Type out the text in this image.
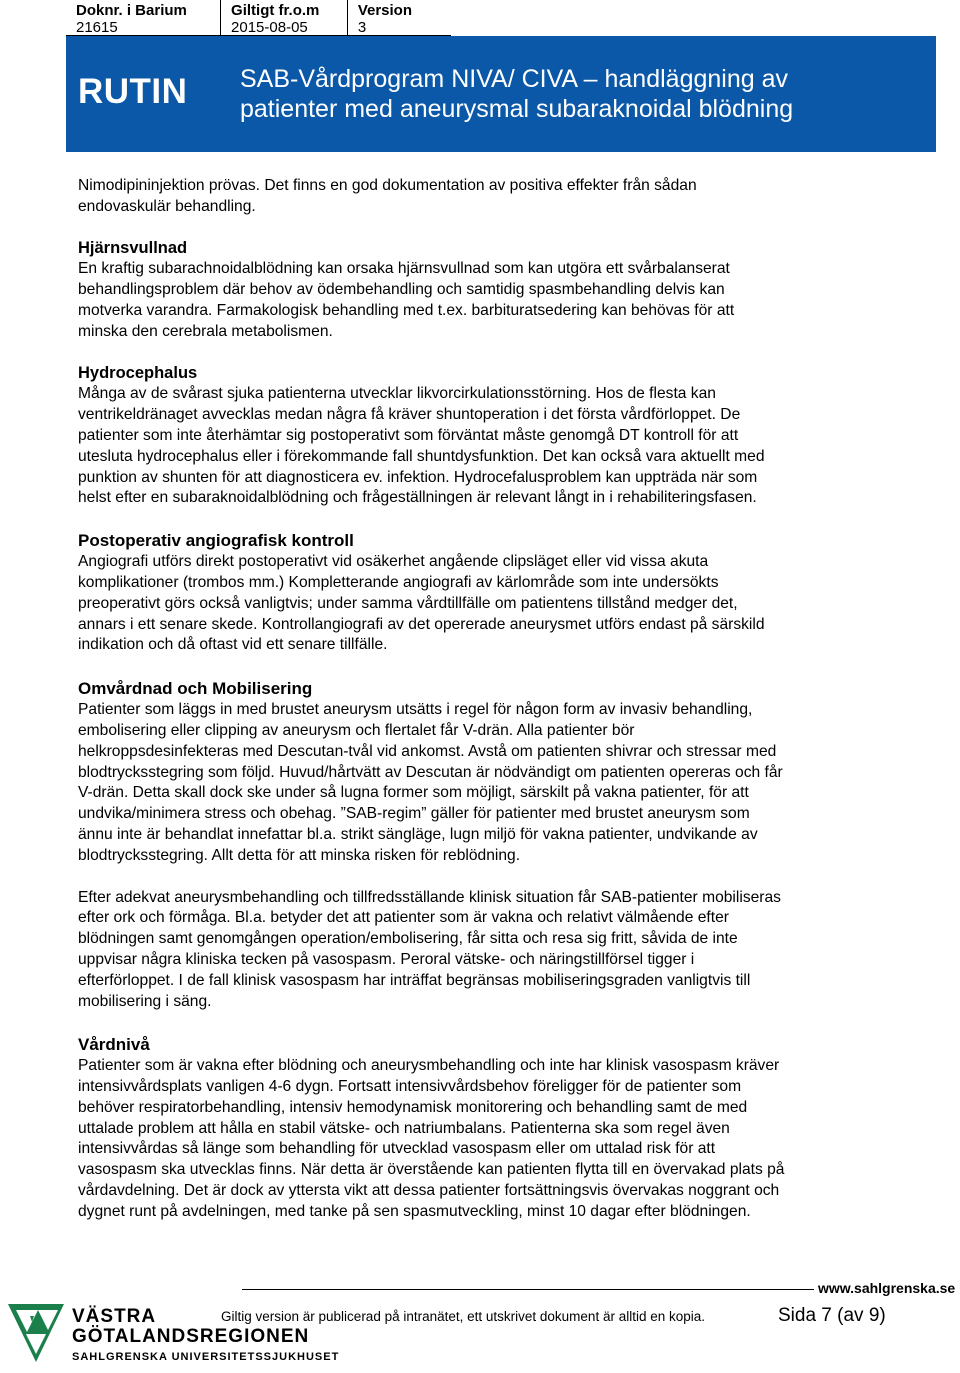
Doknr. i Barium
21615
Giltigt fr.o.m
2015-08-05
Version
3
RUTIN SAB-Vårdprogram NIVA/ CIVA – handläggning av
patienter med aneurysmal subaraknoidal blödning

Nimodipininjektion prövas. Det finns en god dokumentation av positiva effekter från sådan

endovaskulär behandling.

Hjärnsvullnad

En kraftig subarachnoidalblödning kan orsaka hjärnsvullnad som kan utgöra ett svårbalanserat

behandlingsproblem där behov av ödembehandling och samtidig spasmbehandling delvis kan

motverka varandra. Farmakologisk behandling med t.ex. barbituratsedering kan behövas för att

minska den cerebrala metabolismen.

Hydrocephalus

Många av de svårast sjuka patienterna utvecklar likvorcirkulationsstörning. Hos de flesta kan

ventrikeldränaget avvecklas medan några få kräver shuntoperation i det första vårdförloppet. De

patienter som inte återhämtar sig postoperativt som förväntat måste genomgå DT kontroll för att

utesluta hydrocephalus eller i förekommande fall shuntdysfunktion. Det kan också vara aktuellt med

punktion av shunten för att diagnosticera ev. infektion. Hydrocefalusproblem kan uppträda när som

helst efter en subaraknoidalblödning och frågeställningen är relevant långt in i rehabiliteringsfasen.

Postoperativ angiografisk kontroll

Angiografi utförs direkt postoperativt vid osäkerhet angående clipsläget eller vid vissa akuta

komplikationer (trombos mm.) Kompletterande angiografi av kärlområde som inte undersökts

preoperativt görs också vanligtvis; under samma vårdtillfälle om patientens tillstånd medger det,

annars i ett senare skede. Kontrollangiografi av det opererade aneurysmet utförs endast på särskild

indikation och då oftast vid ett senare tillfälle.

Omvårdnad och Mobilisering

Patienter som läggs in med brustet aneurysm utsätts i regel för någon form av invasiv behandling,

embolisering eller clipping av aneurysm och flertalet får V-drän. Alla patienter bör

helkroppsdesinfekteras med Descutan-tvål vid ankomst. Avstå om patienten shivrar och stressar med

blodtrycksstegring som följd. Huvud/hårtvätt av Descutan är nödvändigt om patienten opereras och får

V-drän. Detta skall dock ske under så lugna former som möjligt, särskilt på vakna patienter, för att

undvika/minimera stress och obehag. ”SAB-regim” gäller för patienter med brustet aneurysm som

ännu inte är behandlat innefattar bl.a. strikt sängläge, lugn miljö för vakna patienter, undvikande av

blodtrycksstegring. Allt detta för att minska risken för reblödning.

Efter adekvat aneurysmbehandling och tillfredsställande klinisk situation får SAB-patienter mobiliseras

efter ork och förmåga. Bl.a. betyder det att patienter som är vakna och relativt välmående efter

blödningen samt genomgången operation/embolisering, får sitta och resa sig fritt, såvida de inte

uppvisar några kliniska tecken på vasospasm. Peroral vätske- och näringstillförsel tigger i

efterförloppet. I de fall klinisk vasospasm har inträffat begränsas mobiliseringsgraden vanligtvis till

mobilisering i säng.

Vårdnivå

Patienter som är vakna efter blödning och aneurysmbehandling och inte har klinisk vasospasm kräver

intensivvårdsplats vanligen 4-6 dygn. Fortsatt intensivvårdsbehov föreligger för de patienter som

behöver respiratorbehandling, intensiv hemodynamisk monitorering och behandling samt de med

uttalade problem att hålla en stabil vätske- och natriumbalans. Patienterna ska som regel även

intensivvårdas så länge som behandling för utvecklad vasospasm eller om uttalad risk för att

vasospasm ska utvecklas finns. När detta är överstående kan patienten flytta till en övervakad plats på

vårdavdelning. Det är dock av yttersta vikt att dessa patienter fortsättningsvis övervakas noggrant och

dygnet runt på avdelningen, med tanke på sen spasmutveckling, minst 10 dagar efter blödningen.

www.sahlgrenska.se
VÄSTRA
GÖTALANDSREGIONEN
SAHLGRENSKA UNIVERSITETSSJUKHUSET
Giltig version är publicerad på intranätet, ett utskrivet dokument är alltid en kopia.	Sida 7 (av 9)
